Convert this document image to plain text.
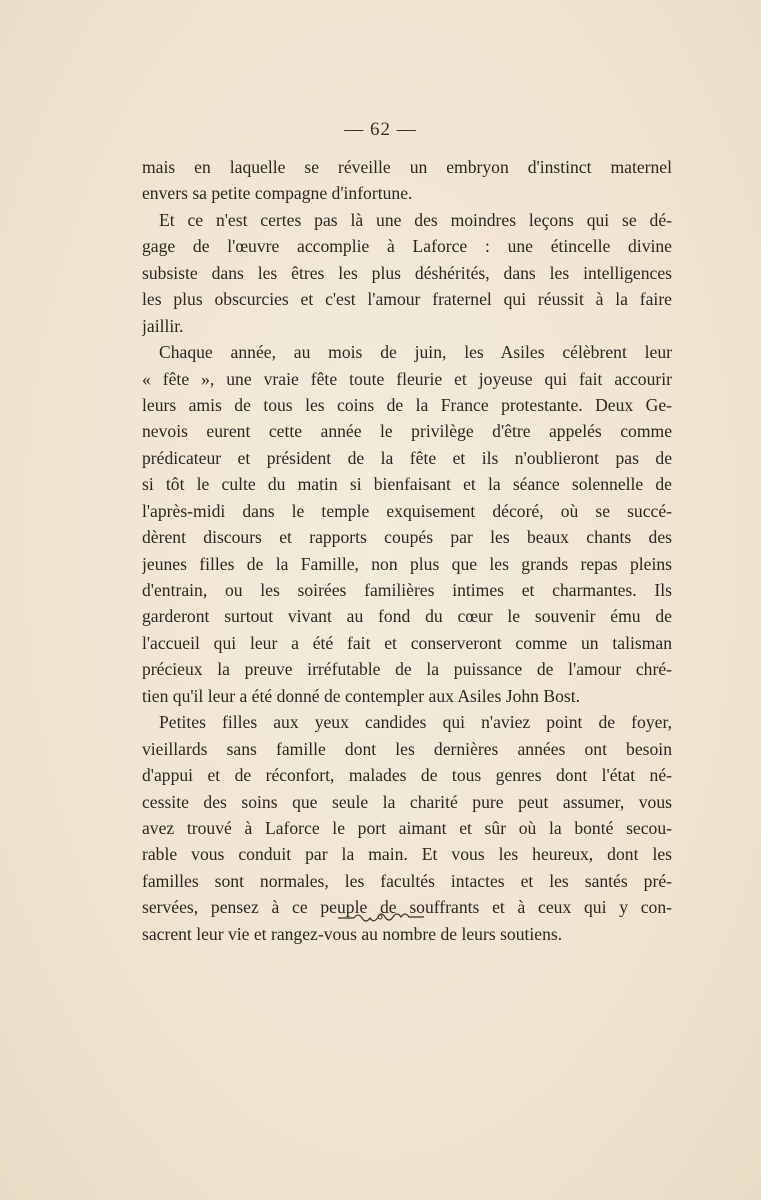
— 62 —
mais en laquelle se réveille un embryon d'instinct maternel
envers sa petite compagne d'infortune.
Et ce n'est certes pas là une des moindres leçons qui se dé-
gage de l'œuvre accomplie à Laforce : une étincelle divine
subsiste dans les êtres les plus déshérités, dans les intelligences
les plus obscurcies et c'est l'amour fraternel qui réussit à la faire
jaillir.
Chaque année, au mois de juin, les Asiles célèbrent leur
« fête », une vraie fête toute fleurie et joyeuse qui fait accourir
leurs amis de tous les coins de la France protestante. Deux Ge-
nevois eurent cette année le privilège d'être appelés comme
prédicateur et président de la fête et ils n'oublieront pas de
si tôt le culte du matin si bienfaisant et la séance solennelle de
l'après-midi dans le temple exquisement décoré, où se succé-
dèrent discours et rapports coupés par les beaux chants des
jeunes filles de la Famille, non plus que les grands repas pleins
d'entrain, ou les soirées familières intimes et charmantes. Ils
garderont surtout vivant au fond du cœur le souvenir ému de
l'accueil qui leur a été fait et conserveront comme un talisman
précieux la preuve irréfutable de la puissance de l'amour chré-
tien qu'il leur a été donné de contempler aux Asiles John Bost.
Petites filles aux yeux candides qui n'aviez point de foyer,
vieillards sans famille dont les dernières années ont besoin
d'appui et de réconfort, malades de tous genres dont l'état né-
cessite des soins que seule la charité pure peut assumer, vous
avez trouvé à Laforce le port aimant et sûr où la bonté secou-
rable vous conduit par la main. Et vous les heureux, dont les
familles sont normales, les facultés intactes et les santés pré-
servées, pensez à ce peuple de souffrants et à ceux qui y con-
sacrent leur vie et rangez-vous au nombre de leurs soutiens.
